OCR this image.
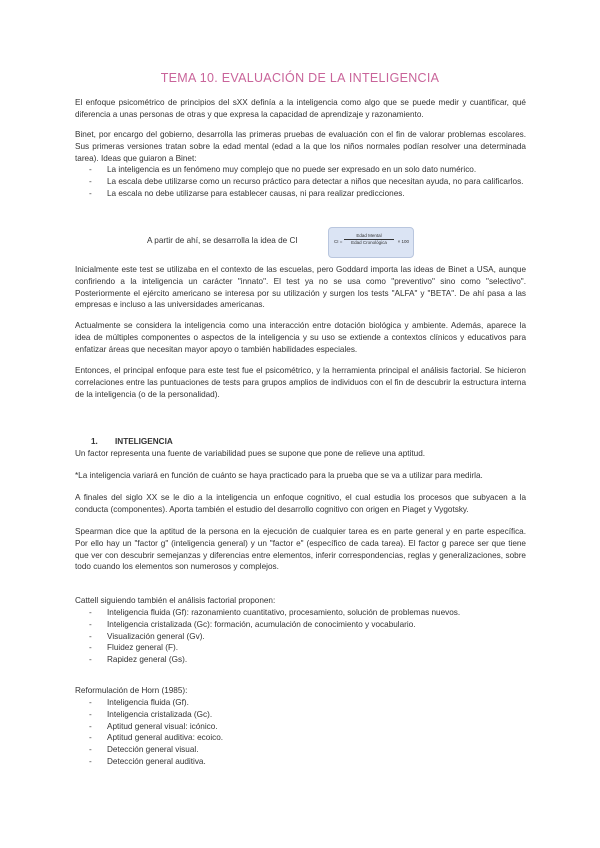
TEMA 10. EVALUACIÓN DE LA INTELIGENCIA

El enfoque psicométrico de principios del sXX definía a la inteligencia como algo que se puede medir y cuantificar, qué diferencia a unas personas de otras y que expresa la capacidad de aprendizaje y razonamiento.

Binet, por encargo del gobierno, desarrolla las primeras pruebas de evaluación con el fin de valorar problemas escolares. Sus primeras versiones tratan sobre la edad mental (edad a la que los niños normales podían resolver una determinada tarea). Ideas que guiaron a Binet:

- La inteligencia es un fenómeno muy complejo que no puede ser expresado en un solo dato numérico.
- La escala debe utilizarse como un recurso práctico para detectar a niños que necesitan ayuda, no para calificarlos.
- La escala no debe utilizarse para establecer causas, ni para realizar predicciones.
A partir de ahí, se desarrolla la idea de CI	CI =
Edad Mental
Edad Cronológica	× 100

Inicialmente este test se utilizaba en el contexto de las escuelas, pero Goddard importa las ideas de Binet a USA, aunque confiriendo a la inteligencia un carácter "innato". El test ya no se usa como "preventivo" sino como "selectivo". Posteriormente el ejército americano se interesa por su utilización y surgen los tests "ALFA" y "BETA". De ahí pasa a las empresas e incluso a las universidades americanas.

Actualmente se considera la inteligencia como una interacción entre dotación biológica y ambiente. Además, aparece la idea de múltiples componentes o aspectos de la inteligencia y su uso se extiende a contextos clínicos y educativos para enfatizar áreas que necesitan mayor apoyo o también habilidades especiales.

Entonces, el principal enfoque para este test fue el psicométrico, y la herramienta principal el análisis factorial. Se hicieron correlaciones entre las puntuaciones de tests para grupos amplios de individuos con el fin de descubrir la estructura interna de la inteligencia (o de la personalidad).

1. INTELIGENCIA

Un factor representa una fuente de variabilidad pues se supone que pone de relieve una aptitud.

*La inteligencia variará en función de cuánto se haya practicado para la prueba que se va a utilizar para medirla.

A finales del siglo XX se le dio a la inteligencia un enfoque cognitivo, el cual estudia los procesos que subyacen a la conducta (componentes). Aporta también el estudio del desarrollo cognitivo con origen en Piaget y Vygotsky.

Spearman dice que la aptitud de la persona en la ejecución de cualquier tarea es en parte general y en parte específica. Por ello hay un "factor g" (inteligencia general) y un "factor e" (específico de cada tarea). El factor g parece ser que tiene que ver con descubrir semejanzas y diferencias entre elementos, inferir correspondencias, reglas y generalizaciones, sobre todo cuando los elementos son numerosos y complejos.

Cattell siguiendo también el análisis factorial proponen:

- Inteligencia fluida (Gf): razonamiento cuantitativo, procesamiento, solución de problemas nuevos.
- Inteligencia cristalizada (Gc): formación, acumulación de conocimiento y vocabulario.
- Visualización general (Gv).
- Fluidez general (F).
- Rapidez general (Gs).

Reformulación de Horn (1985):

- Inteligencia fluida (Gf).
- Inteligencia cristalizada (Gc).
- Aptitud general visual: icónico.
- Aptitud general auditiva: ecoico.
- Detección general visual.
- Detección general auditiva.
